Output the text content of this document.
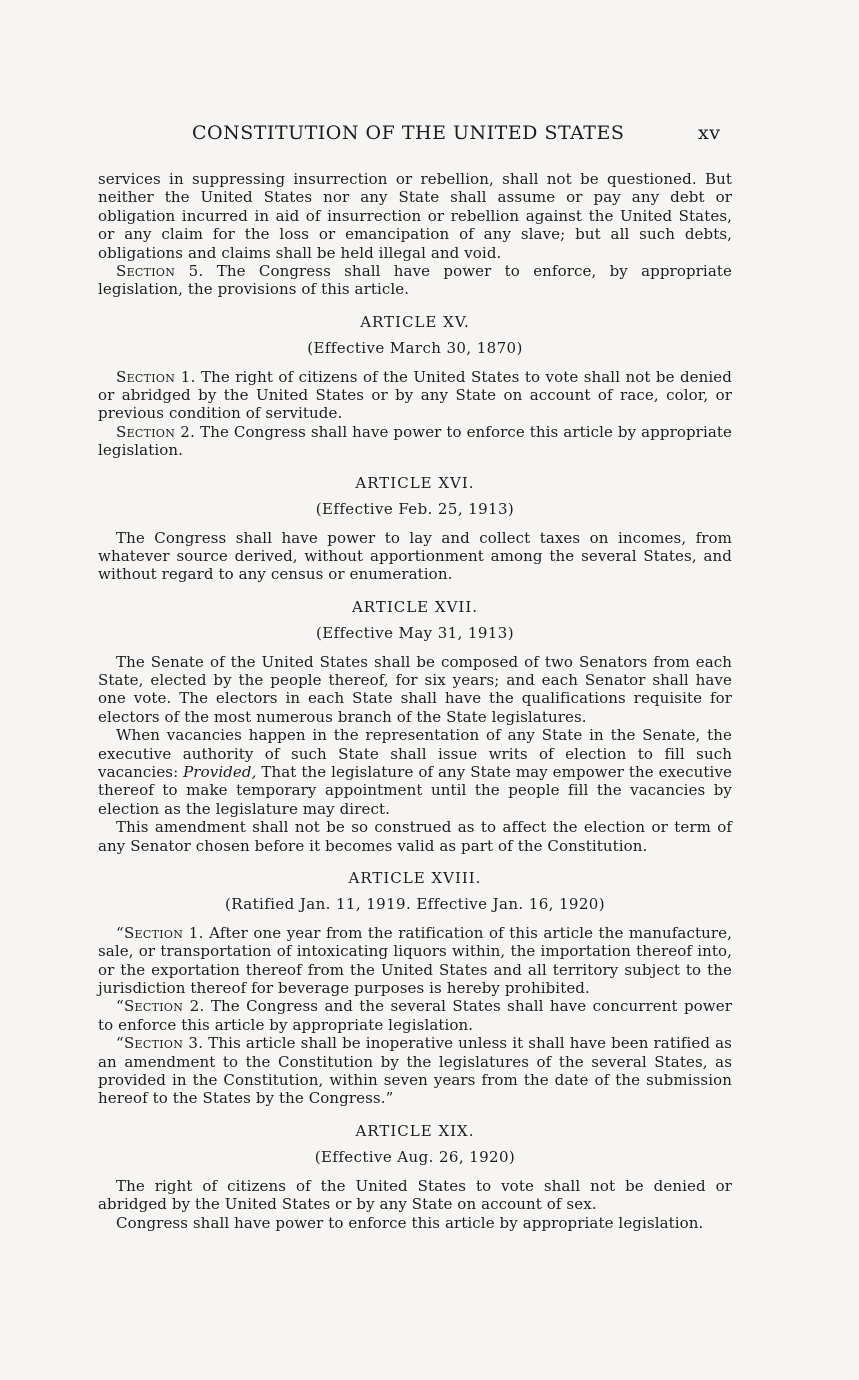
CONSTITUTION OF THE UNITED STATES	xv

services in suppressing insurrection or rebellion, shall not be questioned. But neither the United States nor any State shall assume or pay any debt or obligation incurred in aid of insurrection or rebellion against the United States, or any claim for the loss or emancipation of any slave; but all such debts, obligations and claims shall be held illegal and void.

Section 5. The Congress shall have power to enforce, by appropriate legislation, the provisions of this article.

ARTICLE XV.
(Effective March 30, 1870)

Section 1. The right of citizens of the United States to vote shall not be denied or abridged by the United States or by any State on account of race, color, or previous condition of servitude.

Section 2. The Congress shall have power to enforce this article by appropriate legislation.

ARTICLE XVI.
(Effective Feb. 25, 1913)

The Congress shall have power to lay and collect taxes on incomes, from whatever source derived, without apportionment among the several States, and without regard to any census or enumeration.

ARTICLE XVII.
(Effective May 31, 1913)

The Senate of the United States shall be composed of two Senators from each State, elected by the people thereof, for six years; and each Senator shall have one vote. The electors in each State shall have the qualifications requisite for electors of the most numerous branch of the State legislatures.

When vacancies happen in the representation of any State in the Senate, the executive authority of such State shall issue writs of election to fill such vacancies: Provided, That the legislature of any State may empower the executive thereof to make temporary appointment until the people fill the vacancies by election as the legislature may direct.

This amendment shall not be so construed as to affect the election or term of any Senator chosen before it becomes valid as part of the Constitution.

ARTICLE XVIII.
(Ratified Jan. 11, 1919. Effective Jan. 16, 1920)

“Section 1. After one year from the ratification of this article the manufacture, sale, or transportation of intoxicating liquors within, the importation thereof into, or the exportation thereof from the United States and all territory subject to the jurisdiction thereof for beverage purposes is hereby prohibited.

“Section 2. The Congress and the several States shall have concurrent power to enforce this article by appropriate legislation.

“Section 3. This article shall be inoperative unless it shall have been ratified as an amendment to the Constitution by the legislatures of the several States, as provided in the Constitution, within seven years from the date of the submission hereof to the States by the Congress.”

ARTICLE XIX.
(Effective Aug. 26, 1920)

The right of citizens of the United States to vote shall not be denied or abridged by the United States or by any State on account of sex.

Congress shall have power to enforce this article by appropriate legislation.
